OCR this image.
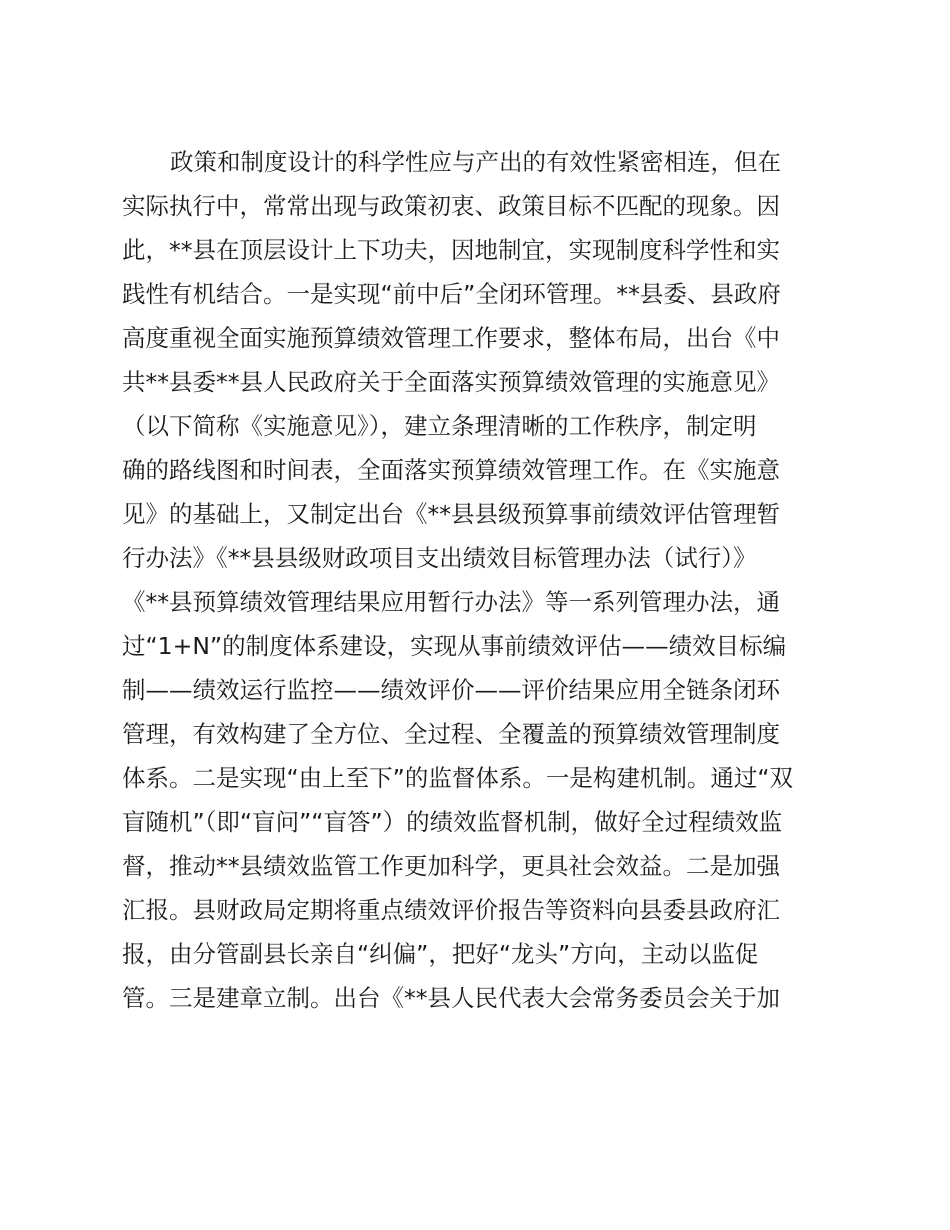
政策和制度设计的科学性应与产出的有效性紧密相连，但在
实际执行中，常常出现与政策初衷、政策目标不匹配的现象。因
此，**县在顶层设计上下功夫，因地制宜，实现制度科学性和实
践性有机结合。一是实现“前中后”全闭环管理。**县委、县政府
高度重视全面实施预算绩效管理工作要求，整体布局，出台《中
共**县委**县人民政府关于全面落实预算绩效管理的实施意见》
（以下简称《实施意见》），建立条理清晰的工作秩序，制定明
确的路线图和时间表，全面落实预算绩效管理工作。在《实施意
见》的基础上，又制定出台《**县县级预算事前绩效评估管理暂
行办法》《**县县级财政项目支出绩效目标管理办法（试行）》
《**县预算绩效管理结果应用暂行办法》等一系列管理办法，通
过“1+N”的制度体系建设，实现从事前绩效评估——绩效目标编
制——绩效运行监控——绩效评价——评价结果应用全链条闭环
管理，有效构建了全方位、全过程、全覆盖的预算绩效管理制度
体系。二是实现“由上至下”的监督体系。一是构建机制。通过“双
盲随机”（即“盲问”“盲答”）的绩效监督机制，做好全过程绩效监
督，推动**县绩效监管工作更加科学，更具社会效益。二是加强
汇报。县财政局定期将重点绩效评价报告等资料向县委县政府汇
报，由分管副县长亲自“纠偏”，把好“龙头”方向，主动以监促
管。三是建章立制。出台《**县人民代表大会常务委员会关于加
